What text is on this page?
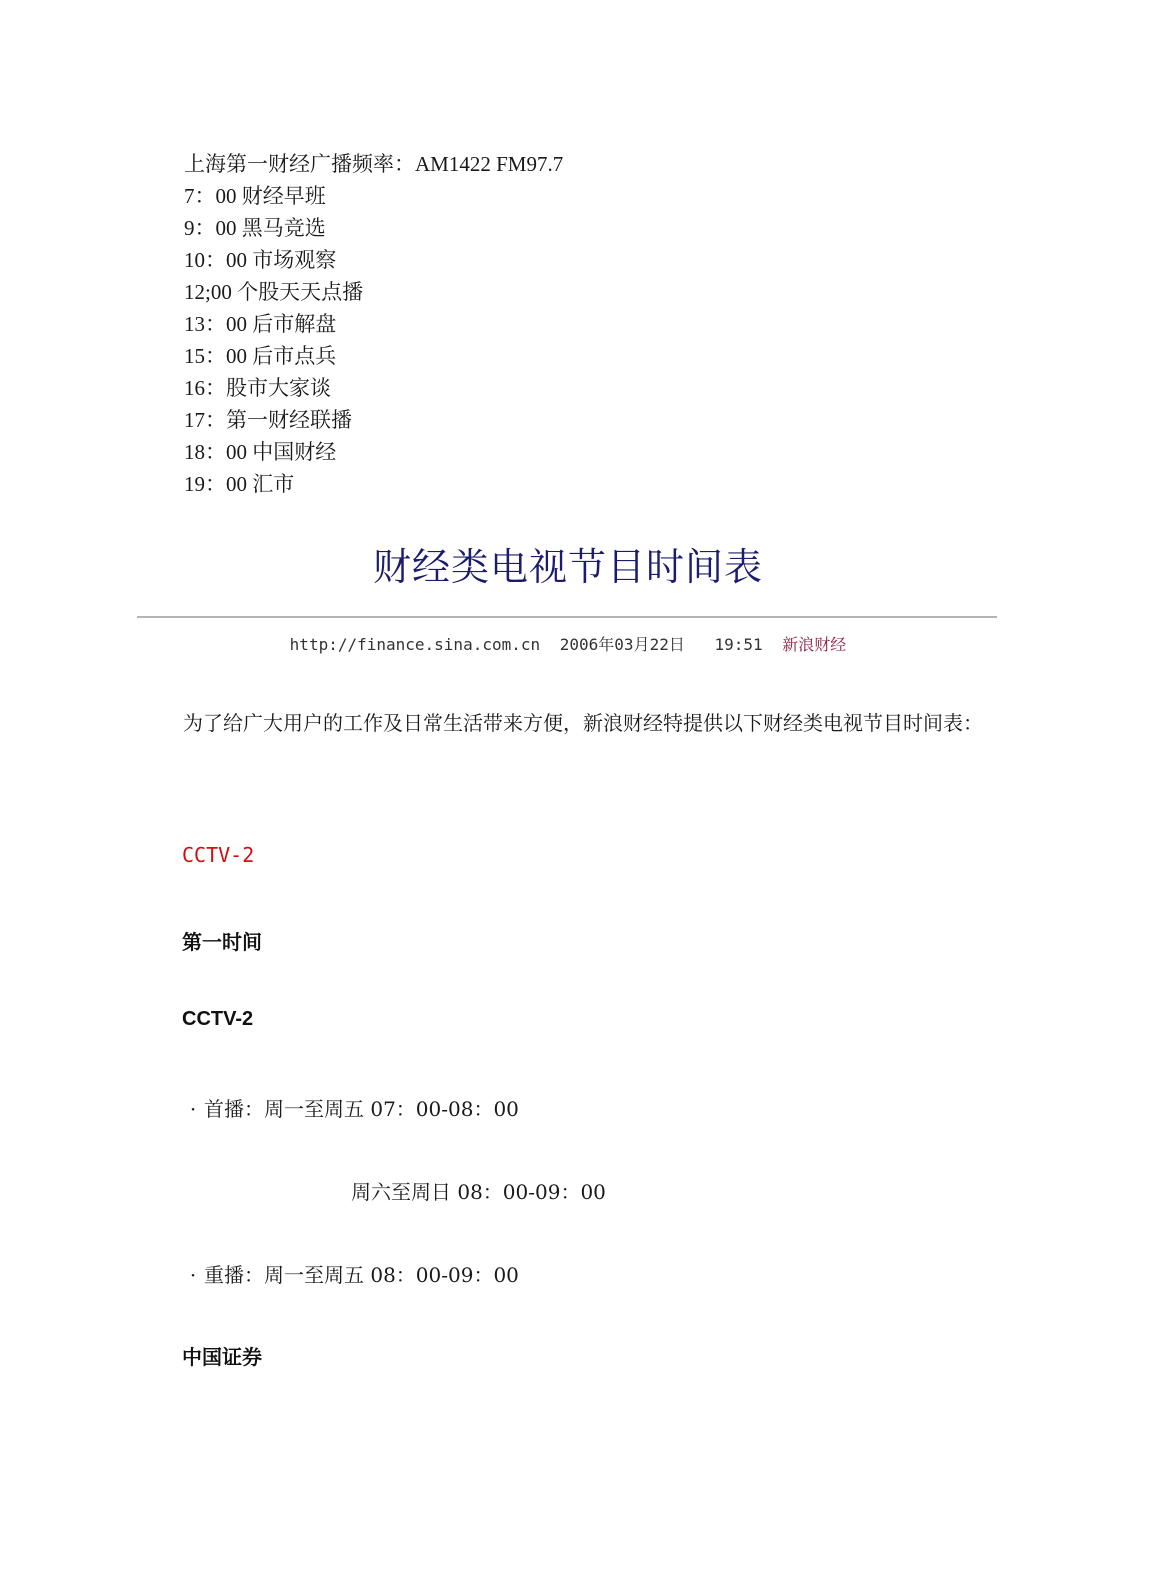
上海第一财经广播频率：AM1422 FM97.7
7：00 财经早班
9：00 黑马竞选
10：00 市场观察
12;00 个股天天点播
13：00 后市解盘
15：00 后市点兵
16：股市大家谈
17：第一财经联播
18：00 中国财经
19：00 汇市
财经类电视节目时间表
http://finance.sina.com.cn 2006年03月22日 19:51 新浪财经

为了给广大用户的工作及日常生活带来方便，新浪财经特提供以下财经类电视节目时间表：

CCTV-2
第一时间
CCTV-2
· 首播：周一至周五 07：00-08：00
周六至周日 08：00-09：00
· 重播：周一至周五 08：00-09：00
中国证券
